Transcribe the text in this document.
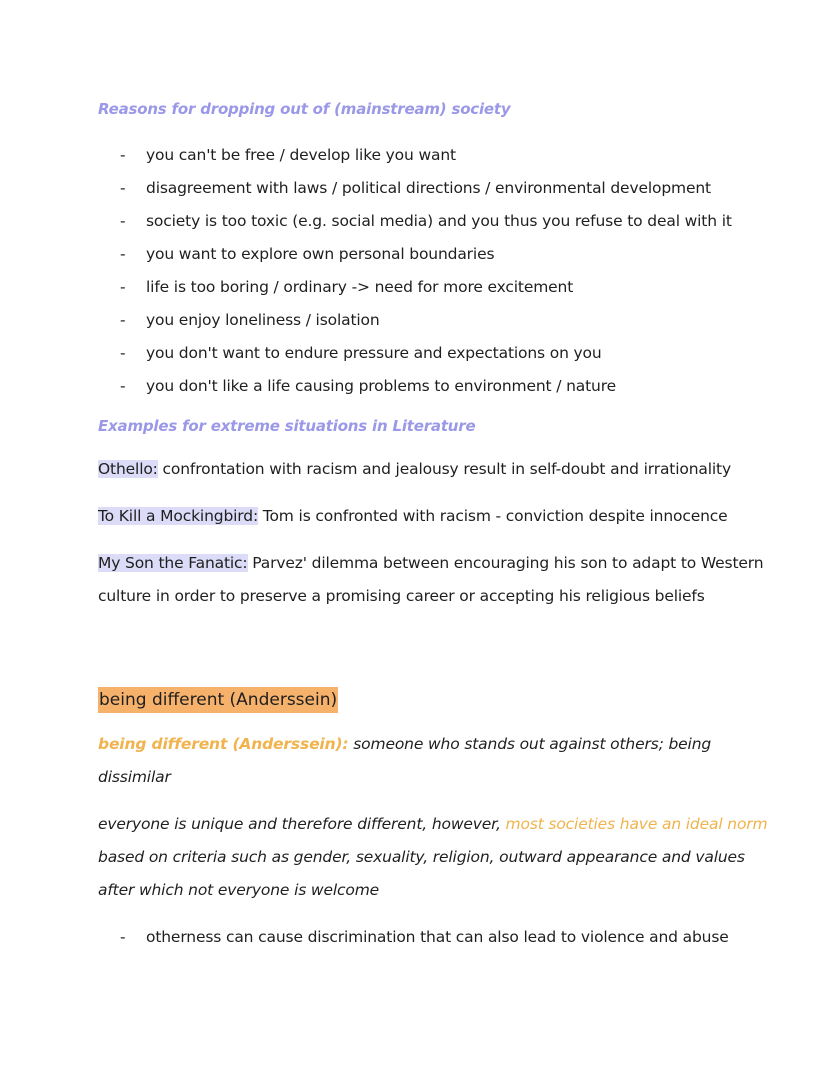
Reasons for dropping out of (mainstream) society

- you can't be free / develop like you want
- disagreement with laws / political directions / environmental development
- society is too toxic (e.g. social media) and you thus you refuse to deal with it
- you want to explore own personal boundaries
- life is too boring / ordinary -> need for more excitement
- you enjoy loneliness / isolation
- you don't want to endure pressure and expectations on you
- you don't like a life causing problems to environment / nature

Examples for extreme situations in Literature

Othello: confrontation with racism and jealousy result in self-doubt and irrationality

To Kill a Mockingbird: Tom is confronted with racism - conviction despite innocence

My Son the Fanatic: Parvez' dilemma between encouraging his son to adapt to Western culture in order to preserve a promising career or accepting his religious beliefs

being different (Anderssein)

being different (Anderssein): someone who stands out against others; being dissimilar

everyone is unique and therefore different, however, most societies have an ideal norm based on criteria such as gender, sexuality, religion, outward appearance and values after which not everyone is welcome

- otherness can cause discrimination that can also lead to violence and abuse
